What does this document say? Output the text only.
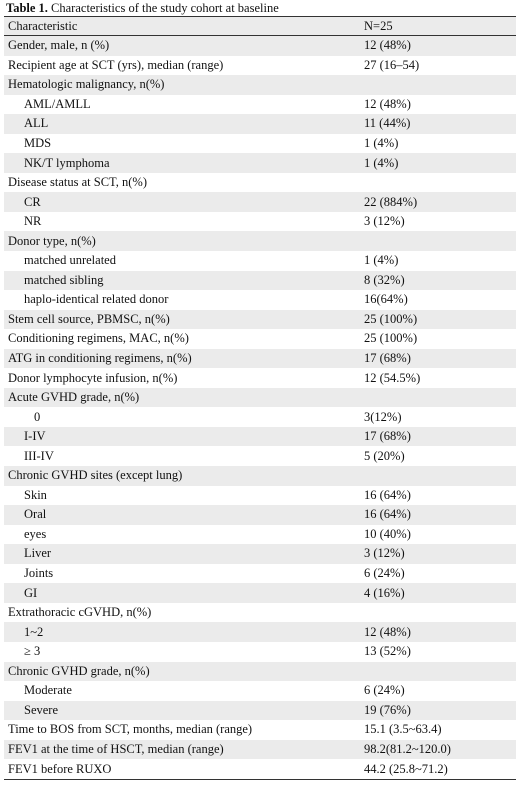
Table 1. Characteristics of the study cohort at baseline
Characteristic	N=25
Gender, male, n (%)	12 (48%)
Recipient age at SCT (yrs), median (range)	27 (16–54)
Hematologic malignancy, n(%)	
AML/AMLL	12 (48%)
ALL	11 (44%)
MDS	1 (4%)
NK/T lymphoma	1 (4%)
Disease status at SCT, n(%)	
CR	22 (884%)
NR	3 (12%)
Donor type, n(%)	
matched unrelated	1 (4%)
matched sibling	8 (32%)
haplo-identical related donor	16(64%)
Stem cell source, PBMSC, n(%)	25 (100%)
Conditioning regimens, MAC, n(%)	25 (100%)
ATG in conditioning regimens, n(%)	17 (68%)
Donor lymphocyte infusion, n(%)	12 (54.5%)
Acute GVHD grade, n(%)	
0	3(12%)
I-IV	17 (68%)
III-IV	5 (20%)
Chronic GVHD sites (except lung)	
Skin	16 (64%)
Oral	16 (64%)
eyes	10 (40%)
Liver	3 (12%)
Joints	6 (24%)
GI	4 (16%)
Extrathoracic cGVHD, n(%)	
1~2	12 (48%)
≥ 3	13 (52%)
Chronic GVHD grade, n(%)	
Moderate	6 (24%)
Severe	19 (76%)
Time to BOS from SCT, months, median (range)	15.1 (3.5~63.4)
FEV1 at the time of HSCT, median (range)	98.2(81.2~120.0)
FEV1 before RUXO	44.2 (25.8~71.2)
